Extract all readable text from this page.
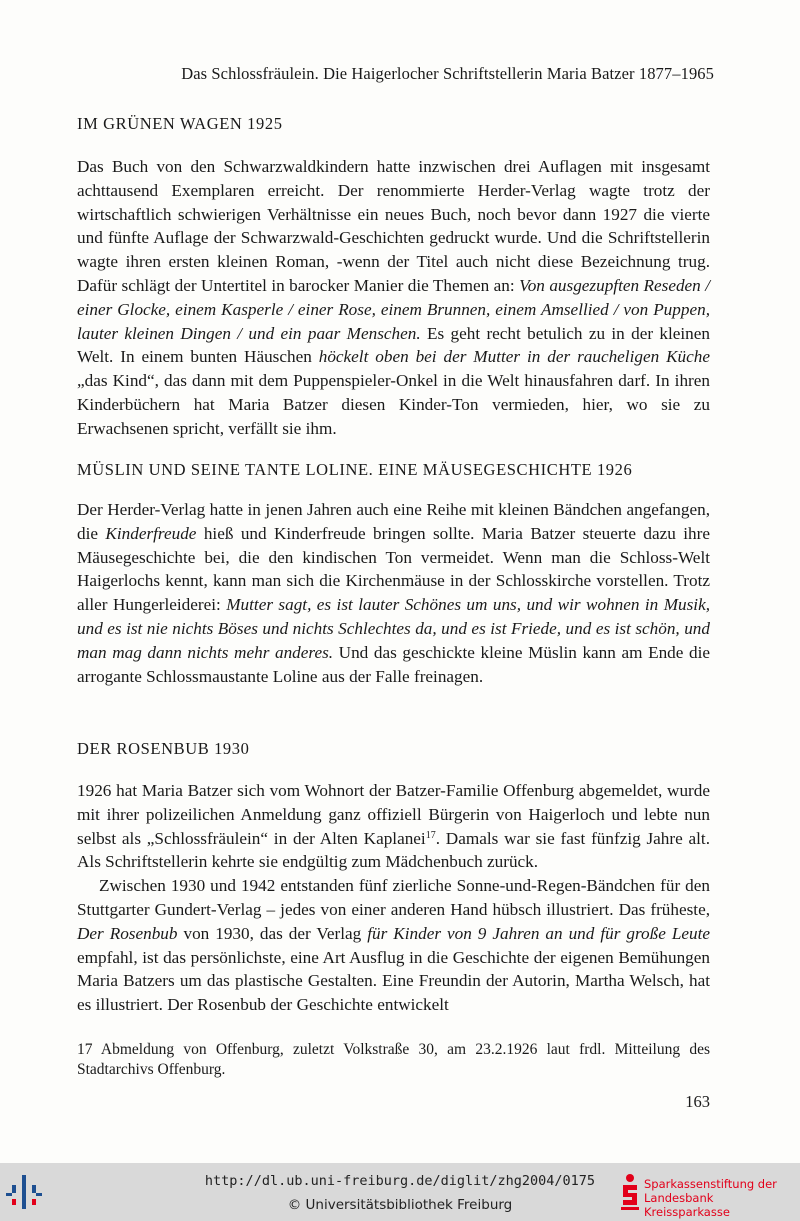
Das Schlossfräulein. Die Haigerlocher Schriftstellerin Maria Batzer 1877–1965
IM GRÜNEN WAGEN 1925

Das Buch von den Schwarzwaldkindern hatte inzwischen drei Auflagen mit insgesamt achttausend Exemplaren erreicht. Der renommierte Herder-Verlag wagte trotz der wirtschaftlich schwierigen Verhältnisse ein neues Buch, noch bevor dann 1927 die vierte und fünfte Auflage der Schwarzwald-Geschichten gedruckt wurde. Und die Schriftstellerin wagte ihren ersten kleinen Roman, -wenn der Titel auch nicht diese Bezeichnung trug. Dafür schlägt der Untertitel in barocker Manier die Themen an: Von ausgezupften Reseden / einer Glocke, einem Kasperle / einer Rose, einem Brunnen, einem Amsellied / von Puppen, lauter kleinen Dingen / und ein paar Menschen. Es geht recht betulich zu in der kleinen Welt. In einem bunten Häuschen höckelt oben bei der Mutter in der raucheligen Küche „das Kind“, das dann mit dem Puppenspieler-Onkel in die Welt hinausfahren darf. In ihren Kinderbüchern hat Maria Batzer diesen Kinder-Ton vermieden, hier, wo sie zu Erwachsenen spricht, verfällt sie ihm.

MÜSLIN UND SEINE TANTE LOLINE. EINE MÄUSEGESCHICHTE 1926

Der Herder-Verlag hatte in jenen Jahren auch eine Reihe mit kleinen Bändchen angefangen, die Kinderfreude hieß und Kinderfreude bringen sollte. Maria Batzer steuerte dazu ihre Mäusegeschichte bei, die den kindischen Ton vermeidet. Wenn man die Schloss-Welt Haigerlochs kennt, kann man sich die Kirchenmäuse in der Schlosskirche vorstellen. Trotz aller Hungerleiderei: Mutter sagt, es ist lauter Schönes um uns, und wir wohnen in Musik, und es ist nie nichts Böses und nichts Schlechtes da, und es ist Friede, und es ist schön, und man mag dann nichts mehr anderes. Und das geschickte kleine Müslin kann am Ende die arrogante Schlossmaustante Loline aus der Falle freinagen.

DER ROSENBUB 1930

1926 hat Maria Batzer sich vom Wohnort der Batzer-Familie Offenburg abgemeldet, wurde mit ihrer polizeilichen Anmeldung ganz offiziell Bürgerin von Haigerloch und lebte nun selbst als „Schlossfräulein“ in der Alten Kaplanei$^{17}$. Damals war sie fast fünfzig Jahre alt. Als Schriftstellerin kehrte sie endgültig zum Mädchenbuch zurück.

Zwischen 1930 und 1942 entstanden fünf zierliche Sonne-und-Regen-Bändchen für den Stuttgarter Gundert-Verlag – jedes von einer anderen Hand hübsch illustriert. Das früheste, Der Rosenbub von 1930, das der Verlag für Kinder von 9 Jahren an und für große Leute empfahl, ist das persönlichste, eine Art Ausflug in die Geschichte der eigenen Bemühungen Maria Batzers um das plastische Gestalten. Eine Freundin der Autorin, Martha Welsch, hat es illustriert. Der Rosenbub der Geschichte entwickelt

17 Abmeldung von Offenburg, zuletzt Volkstraße 30, am 23.2.1926 laut frdl. Mitteilung des Stadtarchivs Offenburg.
163
http://dl.ub.uni-freiburg.de/diglit/zhg2004/0175
© Universitätsbibliothek Freiburg
Sparkassenstiftung der
Landesbank Kreissparkasse
